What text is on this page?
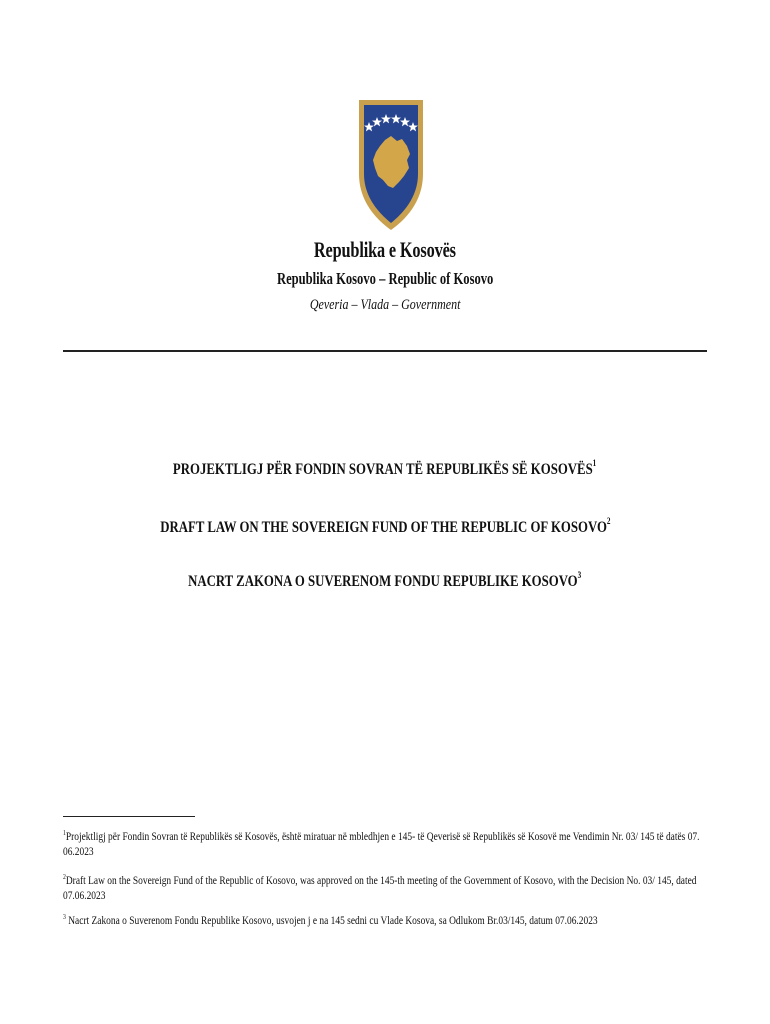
Republika e Kosovës
Republika Kosovo – Republic of Kosovo
Qeveria – Vlada – Government
PROJEKTLIGJ PËR FONDIN SOVRAN TË REPUBLIKËS SË KOSOVËS$^1$
DRAFT LAW ON THE SOVEREIGN FUND OF THE REPUBLIC OF KOSOVO$^2$
NACRT ZAKONA O SUVERENOM FONDU REPUBLIKE KOSOVO$^3$
$^1$Projektligj për Fondin Sovran të Republikës së Kosovës, është miratuar në mbledhjen e 145- të Qeverisë së Republikës së Kosovë me Vendimin Nr. 03/ 145 të datës 07. 06.2023
$^2$Draft Law on the Sovereign Fund of the Republic of Kosovo, was approved on the 145-th meeting of the Government of Kosovo, with the Decision No. 03/ 145, dated 07.06.2023
$^3$ Nacrt Zakona o Suverenom Fondu Republike Kosovo, usvojen j e na 145 sedni cu Vlade Kosova, sa Odlukom Br.03/145, datum 07.06.2023
